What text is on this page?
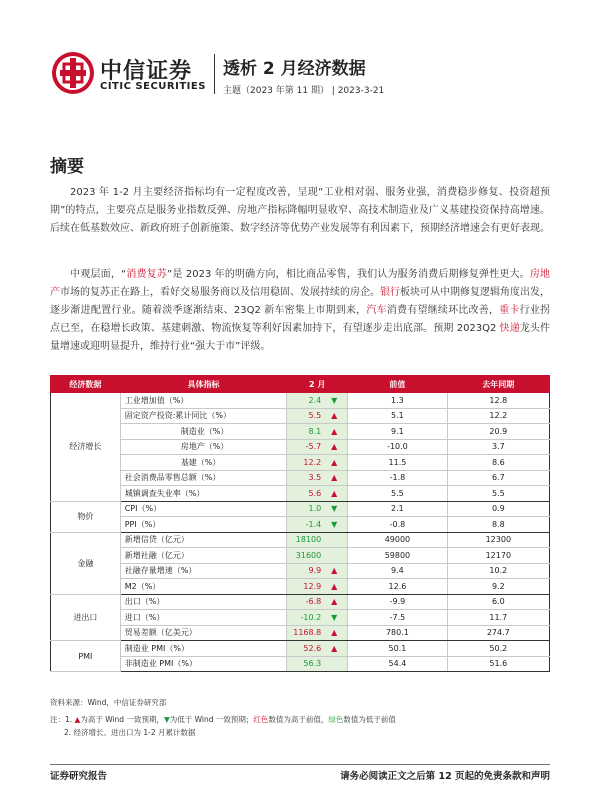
中信证券
CITIC SECURITIES
透析 2 月经济数据
主题（2023 年第 11 期） | 2023-3-21
摘要
2023 年 1-2 月主要经济指标均有一定程度改善，呈现“工业相对弱、服务业强，消费稳步修复、投资超预期”的特点，主要亮点是服务业指数反弹、房地产指标降幅明显收窄、高技术制造业及广义基建投资保持高增速。后续在低基数效应、新政府班子创新施策、数字经济等优势产业发展等有利因素下，预期经济增速会有更好表现。
中观层面，“消费复苏”是 2023 年的明确方向，相比商品零售，我们认为服务消费后期修复弹性更大。房地产市场的复苏正在路上，看好交易服务商以及信用稳固、发展持续的房企。银行板块可从中期修复逻辑角度出发，逐步渐进配置行业。随着淡季逐渐结束、23Q2 新车密集上市期到来，汽车消费有望继续环比改善，重卡行业拐点已至，在稳增长政策、基建刺激、物流恢复等利好因素加持下，有望逐步走出底部。预期 2023Q2 快递龙头件量增速或迎明显提升，维持行业“强大于市”评级。
经济数据	具体指标	2 月	前值	去年同期
经济增长	工业增加值（%）	2.4 ▼	1.3	12.8
	固定资产投资:累计同比（%）	5.5 ▲	5.1	12.2
	制造业（%）	8.1 ▲	9.1	20.9
	房地产（%）	-5.7 ▲	-10.0	3.7
	基建（%）	12.2 ▲	11.5	8.6
	社会消费品零售总额（%）	3.5 ▲	-1.8	6.7
	城镇调查失业率（%）	5.6 ▲	5.5	5.5
物价	CPI（%）	1.0 ▼	2.1	0.9
	PPI（%）	-1.4 ▼	-0.8	8.8
金融	新增信贷（亿元）	18100	49000	12300
	新增社融（亿元）	31600	59800	12170
	社融存量增速（%）	9.9 ▲	9.4	10.2
	M2（%）	12.9 ▲	12.6	9.2
进出口	出口（%）	-6.8 ▲	-9.9	6.0
	进口（%）	-10.2 ▼	-7.5	11.7
	贸易差额（亿美元）	1168.8 ▲	780.1	274.7
PMI	制造业 PMI（%）	52.6 ▲	50.1	50.2
	非制造业 PMI（%）	56.3	54.4	51.6
资料来源：Wind，中信证券研究部
注：1. ▲为高于 Wind 一致预期，▼为低于 Wind 一致预期；红色数值为高于前值，绿色数值为低于前值
2. 经济增长、进出口为 1-2 月累计数据
证券研究报告	请务必阅读正文之后第 12 页起的免责条款和声明
